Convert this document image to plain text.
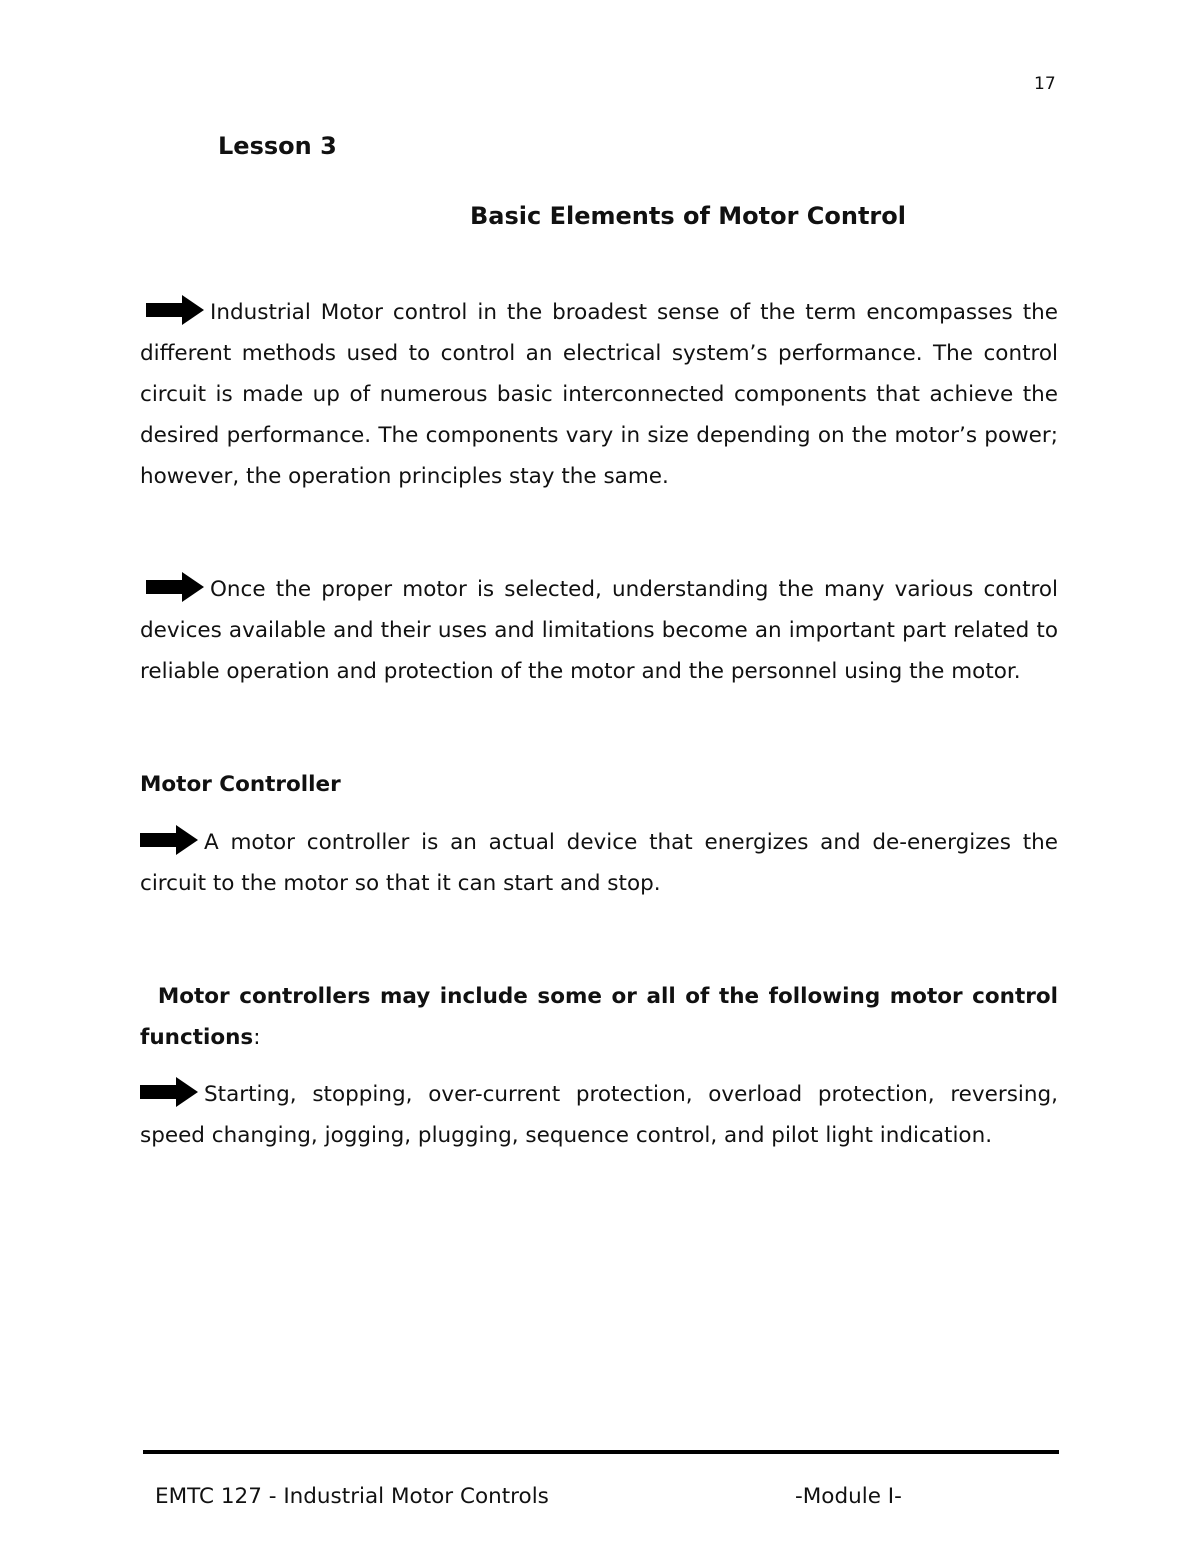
17
Lesson 3
Basic Elements of Motor Control

Industrial Motor control in the broadest sense of the term encompasses the different methods used to control an electrical system’s performance. The control circuit is made up of numerous basic interconnected components that achieve the desired performance. The components vary in size depending on the motor’s power; however, the operation principles stay the same.

Once the proper motor is selected, understanding the many various control devices available and their uses and limitations become an important part related to reliable operation and protection of the motor and the personnel using the motor.

Motor Controller

A motor controller is an actual device that energizes and de-energizes the circuit to the motor so that it can start and stop.

Motor controllers may include some or all of the following motor control functions:

Starting, stopping, over-current protection, overload protection, reversing, speed changing, jogging, plugging, sequence control, and pilot light indication.

EMTC 127 - Industrial Motor Controls	-Module I-
